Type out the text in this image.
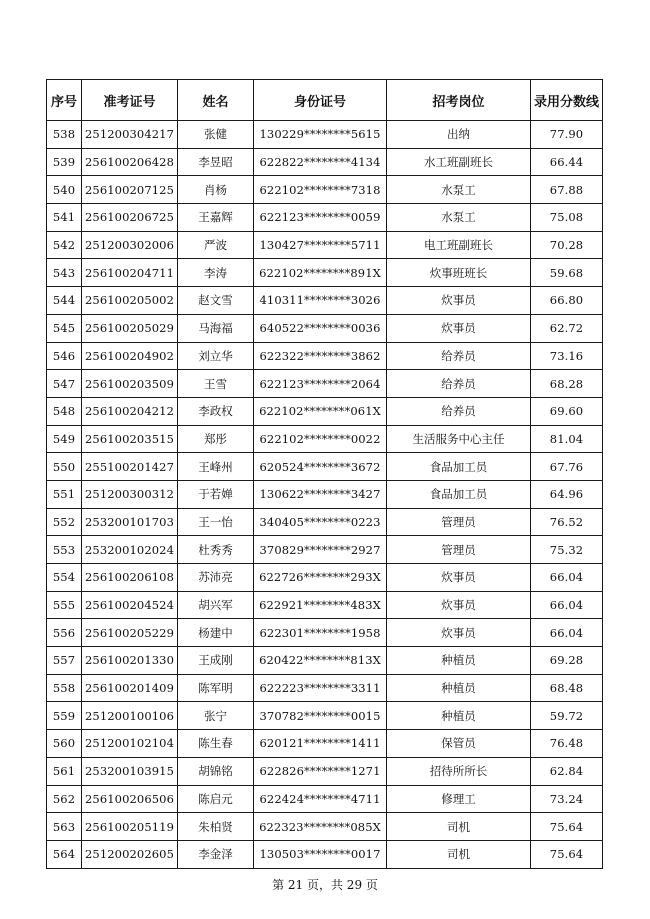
序号	准考证号	姓名	身份证号	招考岗位	录用分数线
538	251200304217	张健	130229********5615	出纳	77.90
539	256100206428	李昱昭	622822********4134	水工班副班长	66.44
540	256100207125	肖杨	622102********7318	水泵工	67.88
541	256100206725	王嘉辉	622123********0059	水泵工	75.08
542	251200302006	严波	130427********5711	电工班副班长	70.28
543	256100204711	李涛	622102********891X	炊事班班长	59.68
544	256100205002	赵文雪	410311********3026	炊事员	66.80
545	256100205029	马海福	640522********0036	炊事员	62.72
546	256100204902	刘立华	622322********3862	给养员	73.16
547	256100203509	王雪	622123********2064	给养员	68.28
548	256100204212	李政权	622102********061X	给养员	69.60
549	256100203515	郑彤	622102********0022	生活服务中心主任	81.04
550	255100201427	王峰州	620524********3672	食品加工员	67.76
551	251200300312	于若婵	130622********3427	食品加工员	64.96
552	253200101703	王一怡	340405********0223	管理员	76.52
553	253200102024	杜秀秀	370829********2927	管理员	75.32
554	256100206108	苏沛亮	622726********293X	炊事员	66.04
555	256100204524	胡兴军	622921********483X	炊事员	66.04
556	256100205229	杨建中	622301********1958	炊事员	66.04
557	256100201330	王成刚	620422********813X	种植员	69.28
558	256100201409	陈军明	622223********3311	种植员	68.48
559	251200100106	张宁	370782********0015	种植员	59.72
560	251200102104	陈生春	620121********1411	保管员	76.48
561	253200103915	胡锦铭	622826********1271	招待所所长	62.84
562	256100206506	陈启元	622424********4711	修理工	73.24
563	256100205119	朱柏贤	622323********085X	司机	75.64
564	251200202605	李金泽	130503********0017	司机	75.64
第 21 页，共 29 页
